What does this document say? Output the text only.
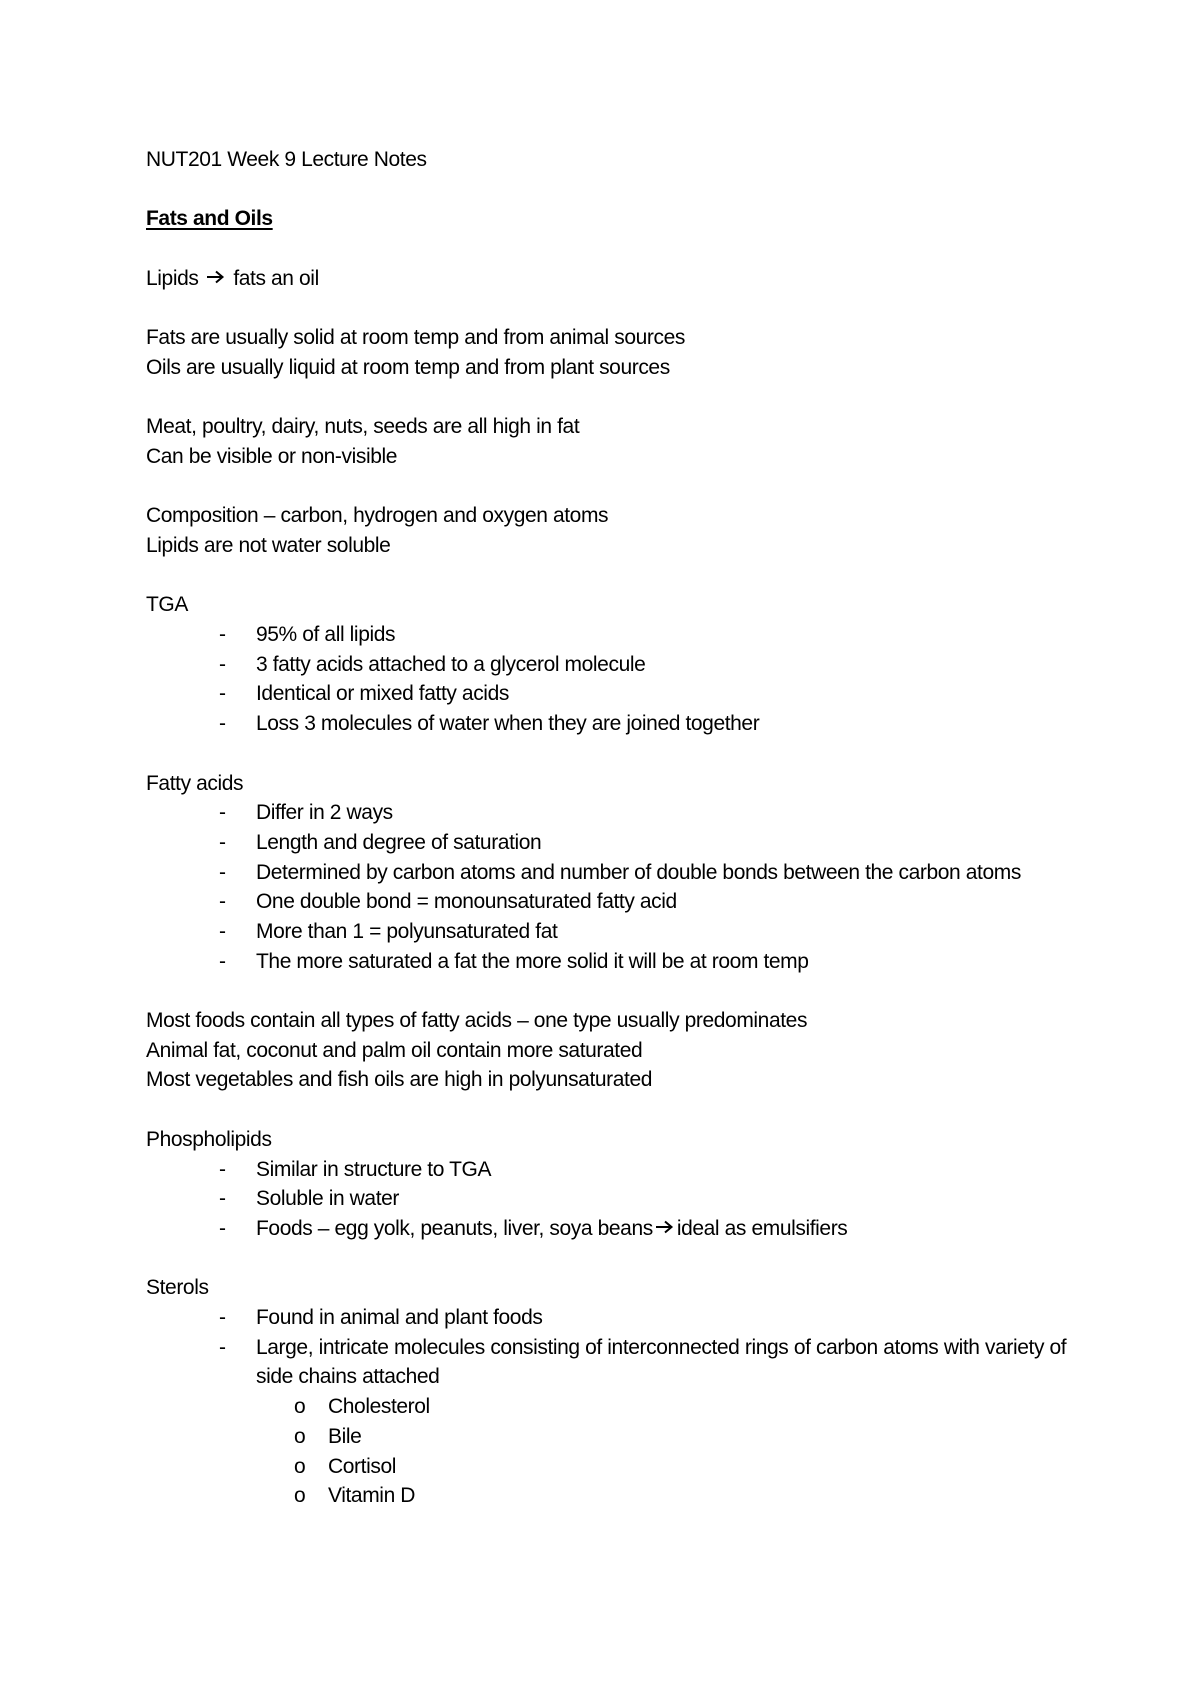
NUT201 Week 9 Lecture Notes
Fats and Oils
Lipids fats an oil
Fats are usually solid at room temp and from animal sources
Oils are usually liquid at room temp and from plant sources
Meat, poultry, dairy, nuts, seeds are all high in fat
Can be visible or non-visible
Composition – carbon, hydrogen and oxygen atoms
Lipids are not water soluble
TGA
- 95% of all lipids
- 3 fatty acids attached to a glycerol molecule
- Identical or mixed fatty acids
- Loss 3 molecules of water when they are joined together
Fatty acids
- Differ in 2 ways
- Length and degree of saturation
- Determined by carbon atoms and number of double bonds between the carbon atoms
- One double bond = monounsaturated fatty acid
- More than 1 = polyunsaturated fat
- The more saturated a fat the more solid it will be at room temp
Most foods contain all types of fatty acids – one type usually predominates
Animal fat, coconut and palm oil contain more saturated
Most vegetables and fish oils are high in polyunsaturated
Phospholipids
- Similar in structure to TGA
- Soluble in water
- Foods – egg yolk, peanuts, liver, soya beans ideal as emulsifiers
Sterols
- Found in animal and plant foods
- Large, intricate molecules consisting of interconnected rings of carbon atoms with variety of side chains attached
o Cholesterol
o Bile
o Cortisol
o Vitamin D
